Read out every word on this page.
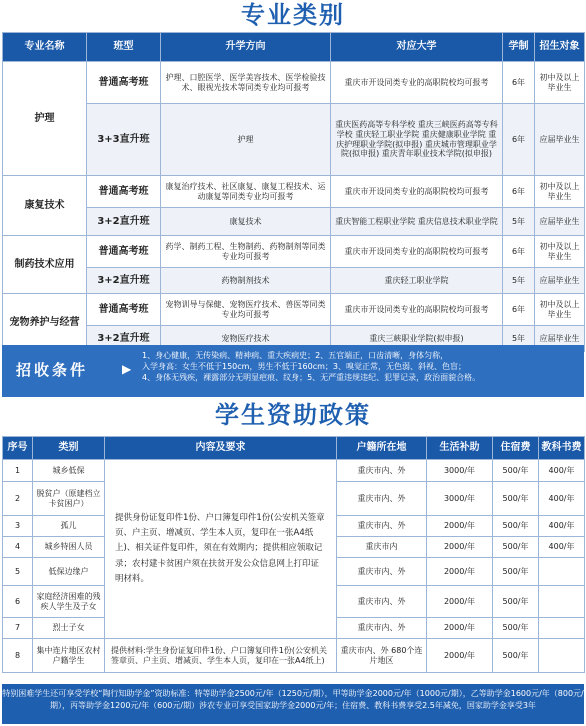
专业类别
专业名称	班型	升学方向	对应大学	学制	招生对象
护理	普通高考班	护理、口腔医学、医学美容技术、医学检验技术、眼视光技术等同类专业均可报考	重庆市开设同类专业的高职院校均可报考	6年	初中及以上毕业生
	3+3直升班	护理	重庆医药高等专科学校 重庆三峡医药高等专科学校 重庆轻工职业学院 重庆健康职业学院 重庆护理职业学院(拟申报) 重庆城市管理职业学院(拟申报) 重庆青年职业技术学院(拟申报)	6年	应届毕业生
康复技术	普通高考班	康复治疗技术、社区康复、康复工程技术、运动康复等同类专业均可报考	重庆市开设同类专业的高职院校均可报考	6年	初中及以上毕业生
	3+2直升班	康复技术	重庆智能工程职业学院 重庆信息技术职业学院	5年	应届毕业生
制药技术应用	普通高考班	药学、制药工程、生物制药、药物制剂等同类专业均可报考	重庆市开设同类专业的高职院校均可报考	6年	初中及以上毕业生
	3+2直升班	药物制剂技术	重庆轻工职业学院	5年	应届毕业生
宠物养护与经营	普通高考班	宠物训导与保健、宠物医疗技术、兽医等同类专业均可报考	重庆市开设同类专业的高职院校均可报考	6年	初中及以上毕业生
	3+2直升班	宠物医疗技术	重庆三峡职业学院(拟申报)	5年	应届毕业生
招收条件	▶
1、身心健康，无传染病、精神病、重大疾病史；2、五官端正，口齿清晰，身体匀称，
入学身高：女生不低于150cm，男生不低于160cm；3、嗅觉正常，无色弱、斜视、色盲；
4、身体无残疾，裸露部分无明显疤痕、纹身；5、无严重违规违纪、犯罪记录，政治面貌合格。
学生资助政策
序号	类别	内容及要求	户籍所在地	生活补助	住宿费	教科书费
1	城乡低保	提供身份证复印件1份、户口簿复印件1份(公安机关签章页、户主页、增减页、学生本人页，复印在一张A4纸上)、相关证件复印件，须在有效期内；提供相应领取记录；农村建卡贫困户须在扶贫开发公众信息网上打印证明材料。	重庆市内、外	3000/年	500/年	400/年
2	脱贫户（原建档立卡贫困户）		重庆市内、外	3000/年	500/年	400/年
3	孤儿		重庆市内、外	2000/年	500/年	400/年
4	城乡特困人员		重庆市内	2000/年	500/年	400/年
5	低保边缘户		重庆市内、外	2000/年	500/年	
6	家庭经济困难的残疾人学生及子女		重庆市内、外	2000/年	500/年	
7	烈士子女		重庆市内、外	2000/年	500/年	
8	集中连片地区农村户籍学生	提供材料:学生身份证复印件1份、户口簿复印件1份(公安机关签章页、户主页、增减页、学生本人页，复印在一张A4纸上)	重庆市内、外 680个连片地区	2000/年	500/年	
特别困难学生还可享受学校“陶行知助学金”资助标准：特等助学金2500元/年（1250元/期），甲等助学金2000元/年（1000元/期），乙等助学金1600元/年（800元/期），丙等助学金1200元/年（600元/期）涉农专业可享受国家助学金2000元/年；住宿费、教科书费享受2.5年减免，国家助学金享受3年
